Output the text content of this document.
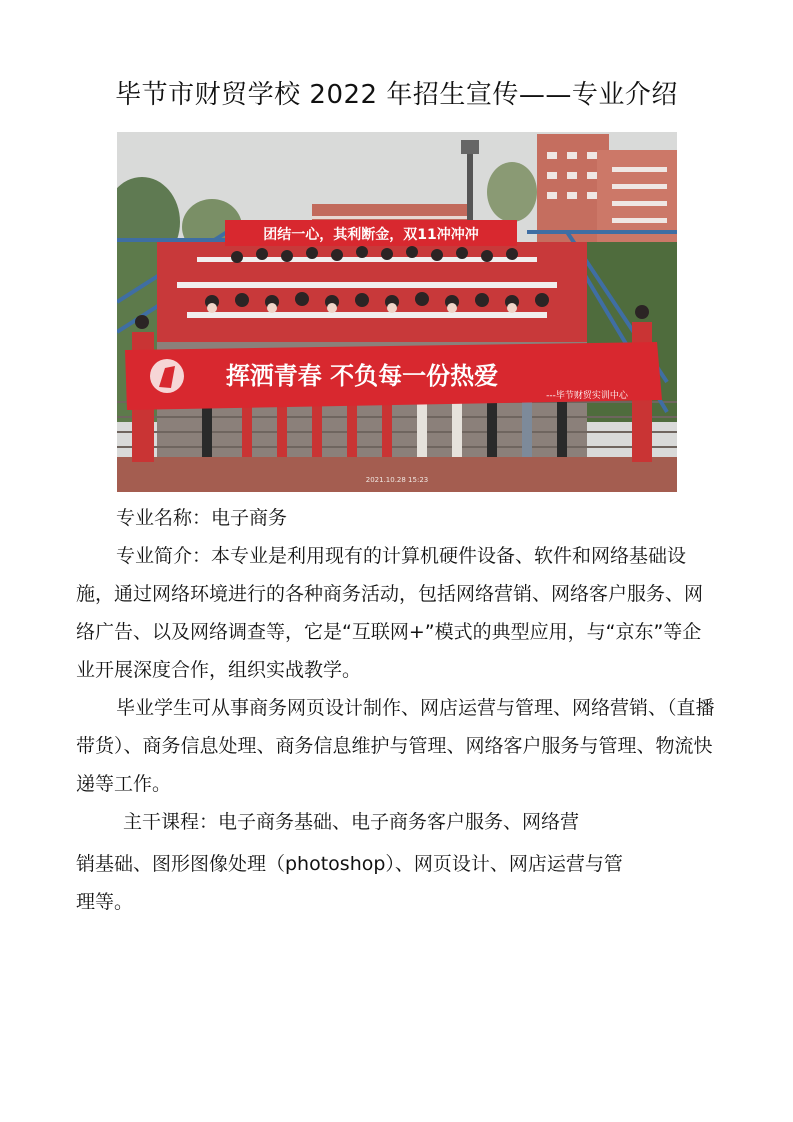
毕节市财贸学校 2022 年招生宣传——专业介绍
团结一心，其利断金，双11冲冲冲
挥洒青春 不负每一份热爱
---毕节财贸实训中心
2021.10.28 15:23

专业名称：电子商务

专业简介：本专业是利用现有的计算机硬件设备、软件和网络基础设施，通过网络环境进行的各种商务活动，包括网络营销、网络客户服务、网络广告、以及网络调查等，它是“互联网+”模式的典型应用，与“京东”等企业开展深度合作，组织实战教学。

毕业学生可从事商务网页设计制作、网店运营与管理、网络营销、（直播带货）、商务信息处理、商务信息维护与管理、网络客户服务与管理、物流快递等工作。

主干课程：电子商务基础、电子商务客户服务、网络营
销基础、图形图像处理（photoshop）、网页设计、网店运营与管
理等。
